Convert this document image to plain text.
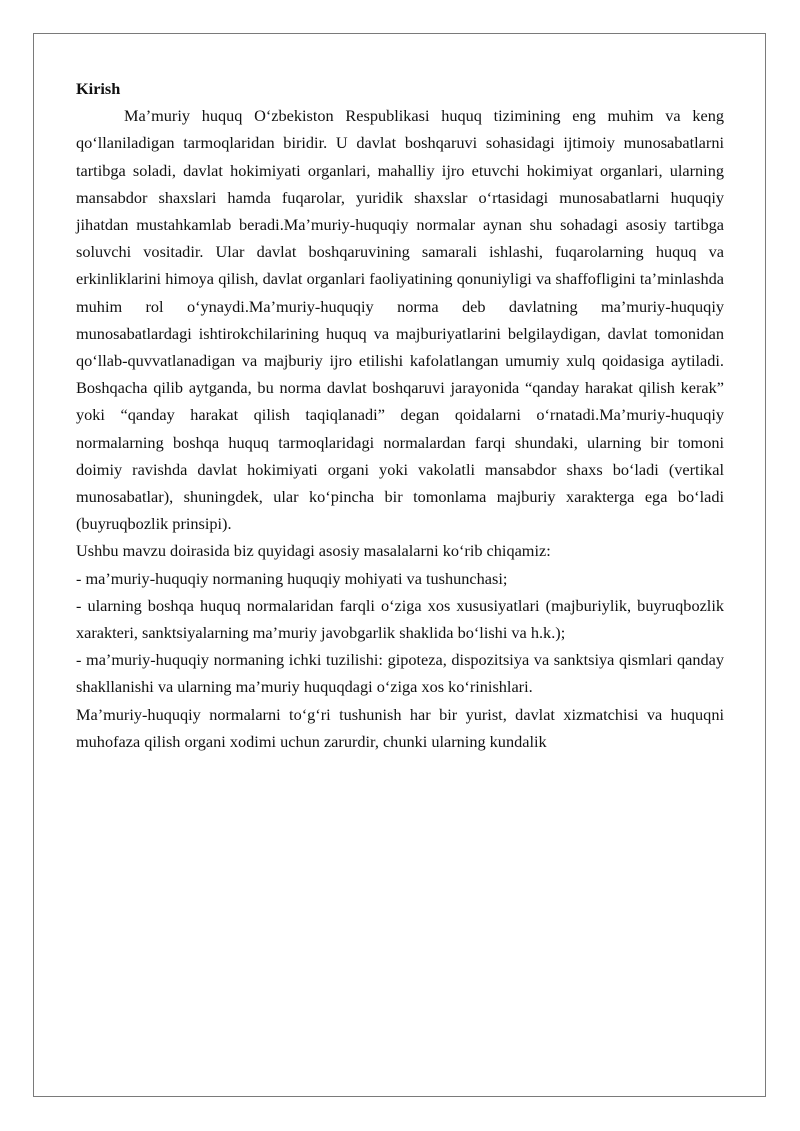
Kirish

Ma’muriy huquq O‘zbekiston Respublikasi huquq tizimining eng muhim va keng qo‘llaniladigan tarmoqlaridan biridir. U davlat boshqaruvi sohasidagi ijtimoiy munosabatlarni tartibga soladi, davlat hokimiyati organlari, mahalliy ijro etuvchi hokimiyat organlari, ularning mansabdor shaxslari hamda fuqarolar, yuridik shaxslar o‘rtasidagi munosabatlarni huquqiy jihatdan mustahkamlab beradi.Ma’muriy-huquqiy normalar aynan shu sohadagi asosiy tartibga soluvchi vositadir. Ular davlat boshqaruvining samarali ishlashi, fuqarolarning huquq va erkinliklarini himoya qilish, davlat organlari faoliyatining qonuniyligi va shaffofligini ta’minlashda muhim rol o‘ynaydi.Ma’muriy-huquqiy norma deb davlatning ma’muriy-huquqiy munosabatlardagi ishtirokchilarining huquq va majburiyatlarini belgilaydigan, davlat tomonidan qo‘llab-quvvatlanadigan va majburiy ijro etilishi kafolatlangan umumiy xulq qoidasiga aytiladi. Boshqacha qilib aytganda, bu norma davlat boshqaruvi jarayonida “qanday harakat qilish kerak” yoki “qanday harakat qilish taqiqlanadi” degan qoidalarni o‘rnatadi.Ma’muriy-huquqiy normalarning boshqa huquq tarmoqlaridagi normalardan farqi shundaki, ularning bir tomoni doimiy ravishda davlat hokimiyati organi yoki vakolatli mansabdor shaxs bo‘ladi (vertikal munosabatlar), shuningdek, ular ko‘pincha bir tomonlama majburiy xarakterga ega bo‘ladi (buyruqbozlik prinsipi).

Ushbu mavzu doirasida biz quyidagi asosiy masalalarni ko‘rib chiqamiz:

- ma’muriy-huquqiy normaning huquqiy mohiyati va tushunchasi;

- ularning boshqa huquq normalaridan farqli o‘ziga xos xususiyatlari (majburiylik, buyruqbozlik xarakteri, sanktsiyalarning ma’muriy javobgarlik shaklida bo‘lishi va h.k.);

- ma’muriy-huquqiy normaning ichki tuzilishi: gipoteza, dispozitsiya va sanktsiya qismlari qanday shakllanishi va ularning ma’muriy huquqdagi o‘ziga xos ko‘rinishlari.

Ma’muriy-huquqiy normalarni to‘g‘ri tushunish har bir yurist, davlat xizmatchisi va huquqni muhofaza qilish organi xodimi uchun zarurdir, chunki ularning kundalik
